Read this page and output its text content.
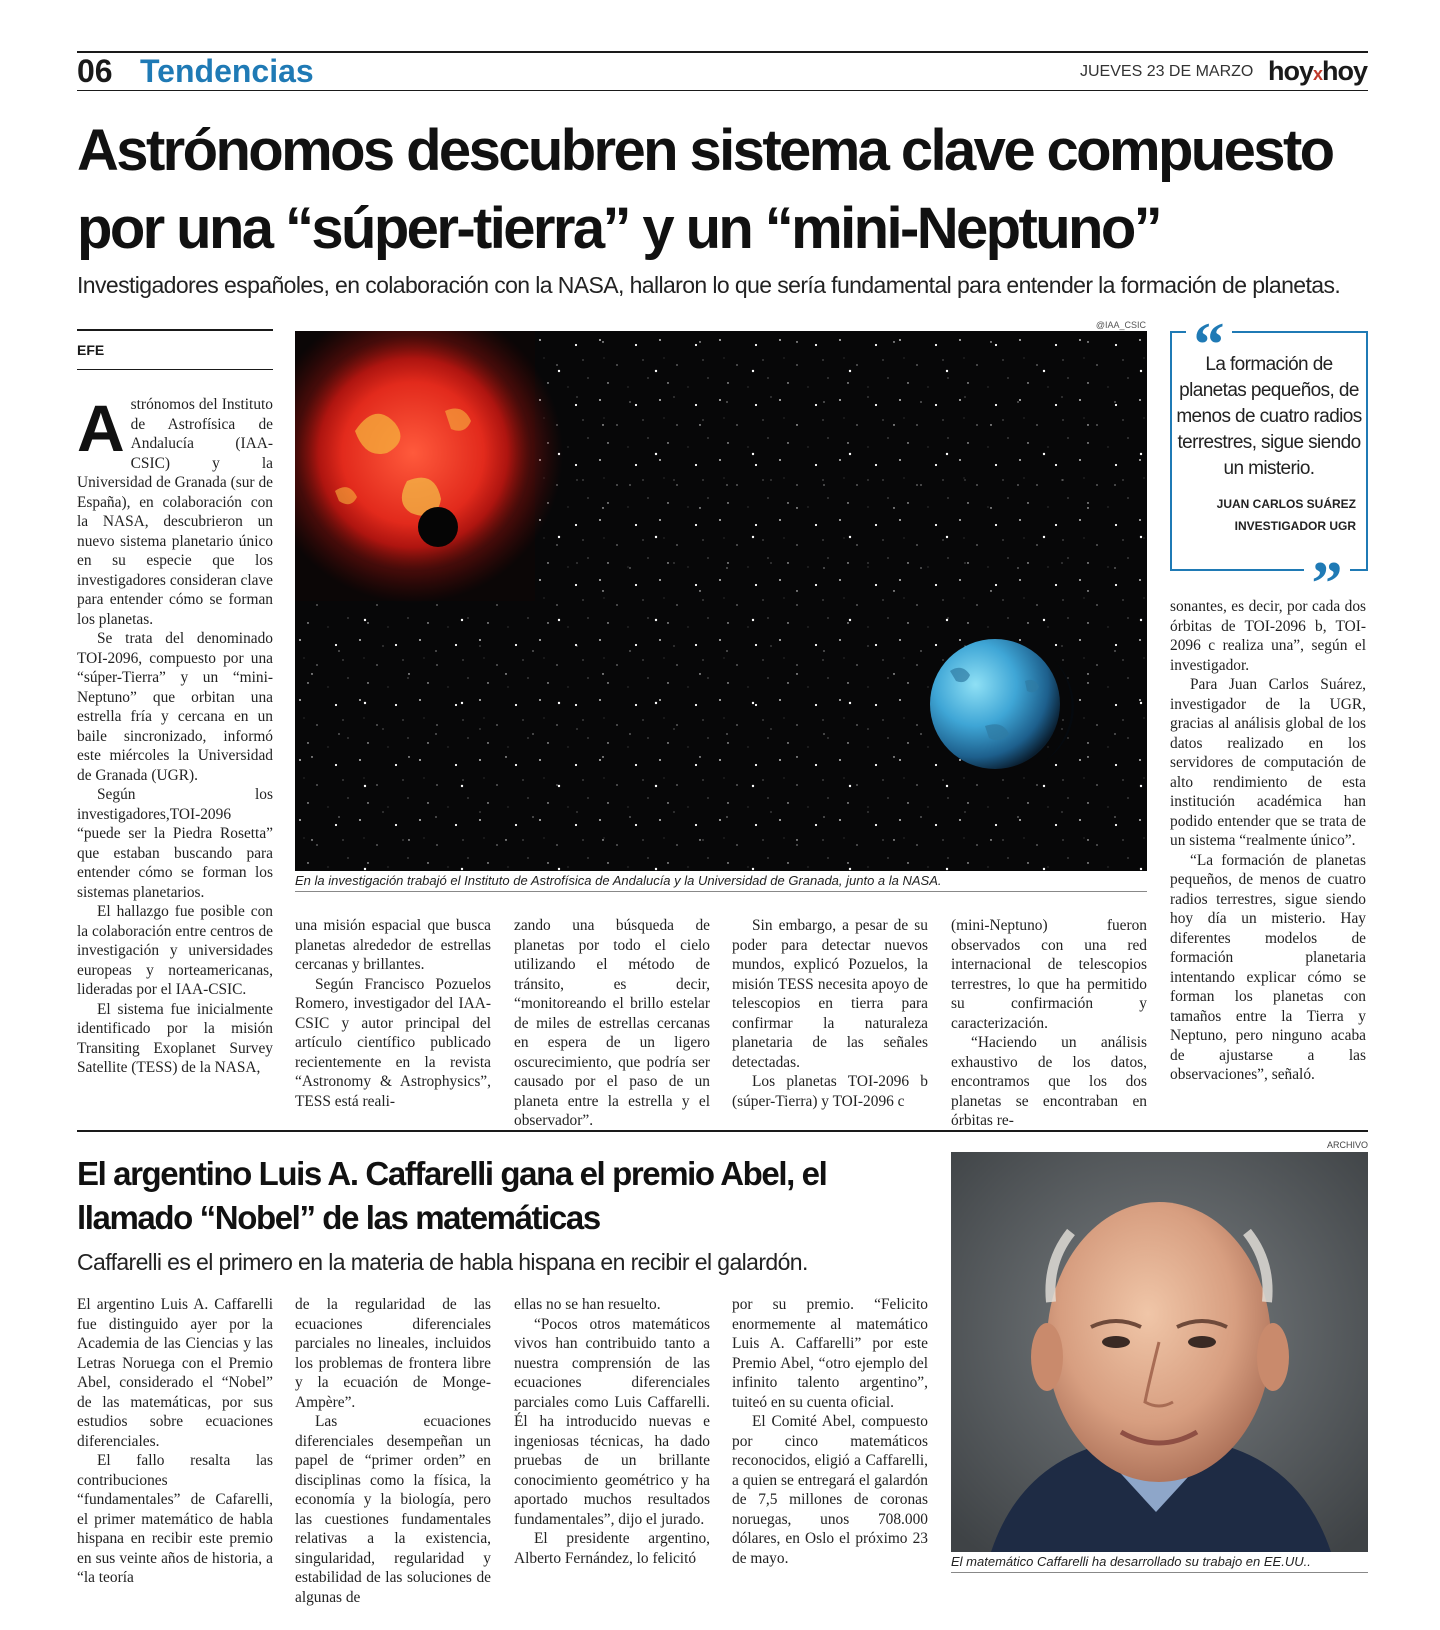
06 Tendencias	JUEVES 23 DE MARZO hoyxhoy
Astrónomos descubren sistema clave compuesto
por una “súper-tierra” y un “mini-Neptuno”
Investigadores españoles, en colaboración con la NASA, hallaron lo que sería fundamental para entender la formación de planetas.
EFE

Astrónomos del Instituto de Astrofísica de Andalucía (IAA-CSIC) y la Universidad de Granada (sur de España), en colaboración con la NASA, descubrieron un nuevo sistema planetario único en su especie que los investigadores consideran clave para entender cómo se forman los planetas.

Se trata del denominado TOI-2096, compuesto por una “súper-Tierra” y un “mini-Neptuno” que orbitan una estrella fría y cercana en un baile sincronizado, informó este miércoles la Universidad de Granada (UGR).

Según los investigadores,TOI-2096 “puede ser la Piedra Rosetta” que estaban buscando para entender cómo se forman los sistemas planetarios.

El hallazgo fue posible con la colaboración entre centros de investigación y universidades europeas y norteamericanas, lideradas por el IAA-CSIC.

El sistema fue inicialmente identificado por la misión Transiting Exoplanet Survey Satellite (TESS) de la NASA,

@IAA_CSIC
En la investigación trabajó el Instituto de Astrofísica de Andalucía y la Universidad de Granada, junto a la NASA.

una misión espacial que busca planetas alrededor de estrellas cercanas y brillantes.

Según Francisco Pozuelos Romero, investigador del IAA-CSIC y autor principal del artículo científico publicado recientemente en la revista “Astronomy & Astrophysics”, TESS está reali-

zando una búsqueda de planetas por todo el cielo utilizando el método de tránsito, es decir, “monitoreando el brillo estelar de miles de estrellas cercanas en espera de un ligero oscurecimiento, que podría ser causado por el paso de un planeta entre la estrella y el observador”.

Sin embargo, a pesar de su poder para detectar nuevos mundos, explicó Pozuelos, la misión TESS necesita apoyo de telescopios en tierra para confirmar la naturaleza planetaria de las señales detectadas.

Los planetas TOI-2096 b (súper-Tierra) y TOI-2096 c

(mini-Neptuno) fueron observados con una red internacional de telescopios terrestres, lo que ha permitido su confirmación y caracterización.

“Haciendo un análisis exhaustivo de los datos, encontramos que los dos planetas se encontraban en órbitas re-

“
La formación de planetas pequeños, de menos de cuatro radios terrestres, sigue siendo un misterio.
JUAN CARLOS SUÁREZ
INVESTIGADOR UGR
”

sonantes, es decir, por cada dos órbitas de TOI-2096 b, TOI-2096 c realiza una”, según el investigador.

Para Juan Carlos Suárez, investigador de la UGR, gracias al análisis global de los datos realizado en los servidores de computación de alto rendimiento de esta institución académica han podido entender que se trata de un sistema “realmente único”.

“La formación de planetas pequeños, de menos de cuatro radios terrestres, sigue siendo hoy día un misterio. Hay diferentes modelos de formación planetaria intentando explicar cómo se forman los planetas con tamaños entre la Tierra y Neptuno, pero ninguno acaba de ajustarse a las observaciones”, señaló.

El argentino Luis A. Caffarelli gana el premio Abel, el
llamado “Nobel” de las matemáticas
Caffarelli es el primero en la materia de habla hispana en recibir el galardón.

El argentino Luis A. Caffarelli fue distinguido ayer por la Academia de las Ciencias y las Letras Noruega con el Premio Abel, considerado el “Nobel” de las matemáticas, por sus estudios sobre ecuaciones diferenciales.

El fallo resalta las contribuciones “fundamentales” de Cafarelli, el primer matemático de habla hispana en recibir este premio en sus veinte años de historia, a “la teoría

de la regularidad de las ecuaciones diferenciales parciales no lineales, incluidos los problemas de frontera libre y la ecuación de Monge-Ampère”.

Las ecuaciones diferenciales desempeñan un papel de “primer orden” en disciplinas como la física, la economía y la biología, pero las cuestiones fundamentales relativas a la existencia, singularidad, regularidad y estabilidad de las soluciones de algunas de

ellas no se han resuelto.

“Pocos otros matemáticos vivos han contribuido tanto a nuestra comprensión de las ecuaciones diferenciales parciales como Luis Caffarelli. Él ha introducido nuevas e ingeniosas técnicas, ha dado pruebas de un brillante conocimiento geométrico y ha aportado muchos resultados fundamentales”, dijo el jurado.

El presidente argentino, Alberto Fernández, lo felicitó

por su premio. “Felicito enormemente al matemático Luis A. Caffarelli” por este Premio Abel, “otro ejemplo del infinito talento argentino”, tuiteó en su cuenta oficial.

El Comité Abel, compuesto por cinco matemáticos reconocidos, eligió a Caffarelli, a quien se entregará el galardón de 7,5 millones de coronas noruegas, unos 708.000 dólares, en Oslo el próximo 23 de mayo.

ARCHIVO
El matemático Caffarelli ha desarrollado su trabajo en EE.UU..
